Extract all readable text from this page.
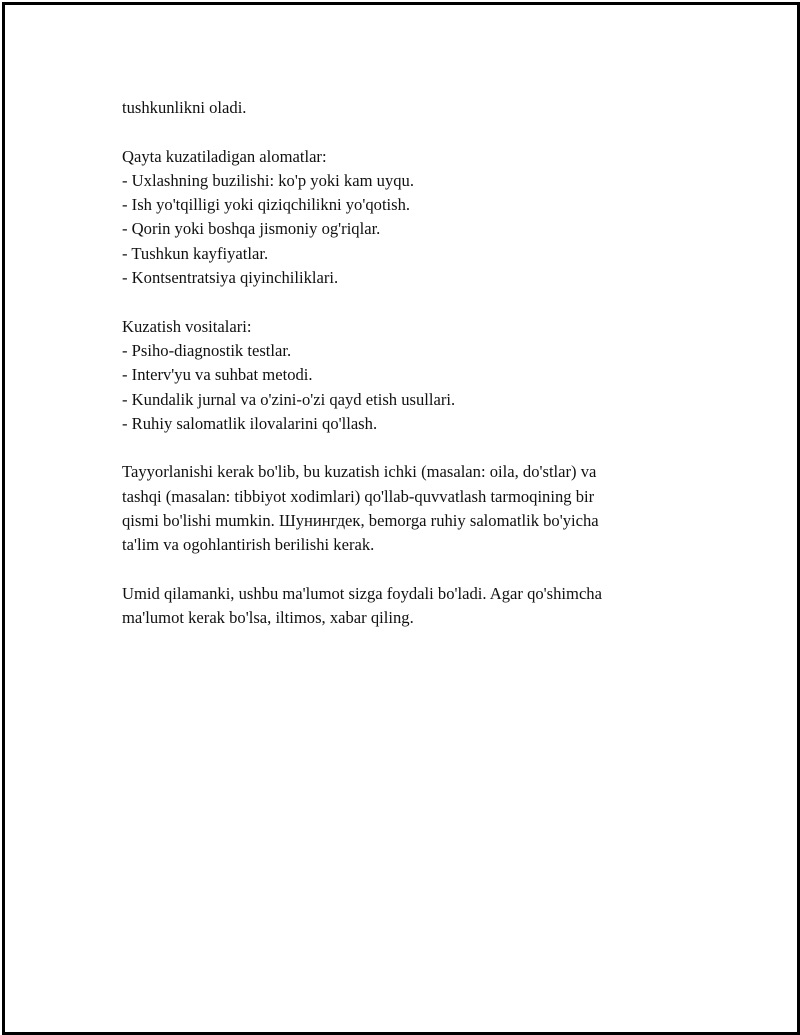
tushkunlikni oladi.

Qayta kuzatiladigan alomatlar:
- Uxlashning buzilishi: ko'p yoki kam uyqu.
- Ish yo'tqilligi yoki qiziqchilikni yo'qotish.
- Qorin yoki boshqa jismoniy og'riqlar.
- Tushkun kayfiyatlar.
- Kontsentratsiya qiyinchiliklari.

Kuzatish vositalari:
- Psiho-diagnostik testlar.
- Interv'yu va suhbat metodi.
- Kundalik jurnal va o'zini-o'zi qayd etish usullari.
- Ruhiy salomatlik ilovalarini qo'llash.

Tayyorlanishi kerak bo'lib, bu kuzatish ichki (masalan: oila, do'stlar) va
tashqi (masalan: tibbiyot xodimlari) qo'llab-quvvatlash tarmoqining bir
qismi bo'lishi mumkin. Шунингдек, bemorga ruhiy salomatlik bo'yicha
ta'lim va ogohlantirish berilishi kerak.

Umid qilamanki, ushbu ma'lumot sizga foydali bo'ladi. Agar qo'shimcha
ma'lumot kerak bo'lsa, iltimos, xabar qiling.
